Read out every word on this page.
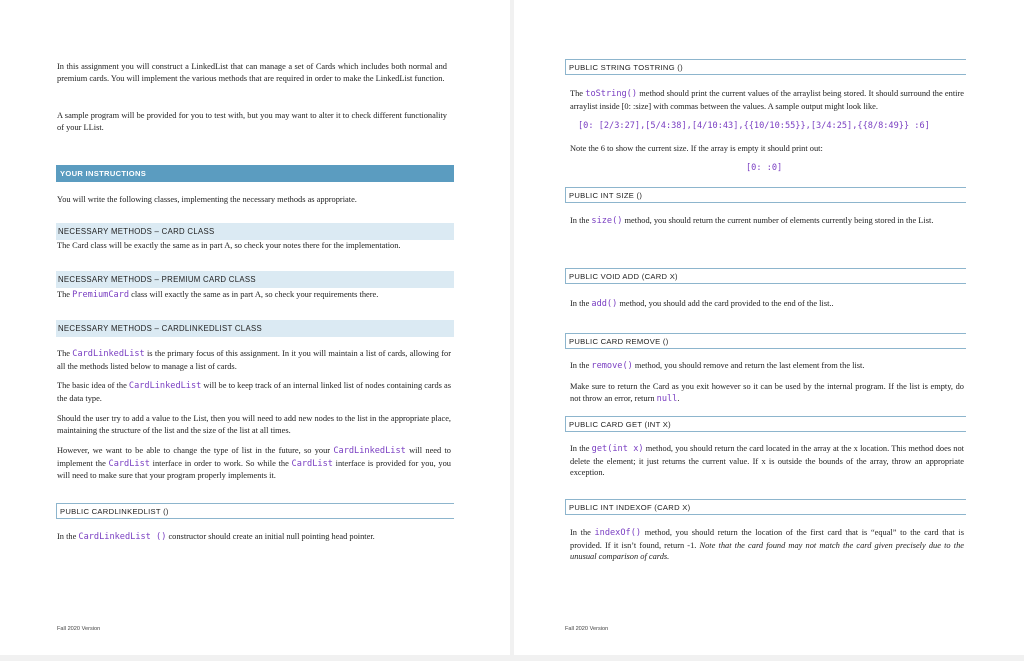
In this assignment you will construct a LinkedList that can manage a set of Cards which includes both normal and premium cards. You will implement the various methods that are required in order to make the LinkedList function.

A sample program will be provided for you to test with, but you may want to alter it to check different functionality of your LList.

YOUR INSTRUCTIONS

You will write the following classes, implementing the necessary methods as appropriate.

NECESSARY METHODS – CARD CLASS

The Card class will be exactly the same as in part A, so check your notes there for the implementation.

NECESSARY METHODS – PREMIUM CARD CLASS

The PremiumCard class will exactly the same as in part A, so check your requirements there.

NECESSARY METHODS – CARDLINKEDLIST CLASS

The CardLinkedList is the primary focus of this assignment. In it you will maintain a list of cards, allowing for all the methods listed below to manage a list of cards.

The basic idea of the CardLinkedList will be to keep track of an internal linked list of nodes containing cards as the data type.

Should the user try to add a value to the List, then you will need to add new nodes to the list in the appropriate place, maintaining the structure of the list and the size of the list at all times.

However, we want to be able to change the type of list in the future, so your CardLinkedList will need to implement the CardList interface in order to work. So while the CardList interface is provided for you, you will need to make sure that your program properly implements it.

PUBLIC CARDLINKEDLIST ()

In the CardLinkedList () constructor should create an initial null pointing head pointer.

Fall 2020 Version
PUBLIC STRING TOSTRING ()

The toString() method should print the current values of the arraylist being stored. It should surround the entire arraylist inside [0: :size] with commas between the values. A sample output might look like.

[0: [2/3:27],[5/4:38],[4/10:43],{{10/10:55}},[3/4:25],{{8/8:49}} :6]

Note the 6 to show the current size. If the array is empty it should print out:

[0: :0]
PUBLIC INT SIZE ()

In the size() method, you should return the current number of elements currently being stored in the List.

PUBLIC VOID ADD (CARD X)

In the add() method, you should add the card provided to the end of the list..

PUBLIC CARD REMOVE ()

In the remove() method, you should remove and return the last element from the list.

Make sure to return the Card as you exit however so it can be used by the internal program. If the list is empty, do not throw an error, return null.

PUBLIC CARD GET (INT X)

In the get(int x) method, you should return the card located in the array at the x location. This method does not delete the element; it just returns the current value. If x is outside the bounds of the array, throw an appropriate exception.

PUBLIC INT INDEXOF (CARD X)

In the indexOf() method, you should return the location of the first card that is “equal” to the card that is provided. If it isn’t found, return -1. Note that the card found may not match the card given precisely due to the unusual comparison of cards.

Fall 2020 Version
